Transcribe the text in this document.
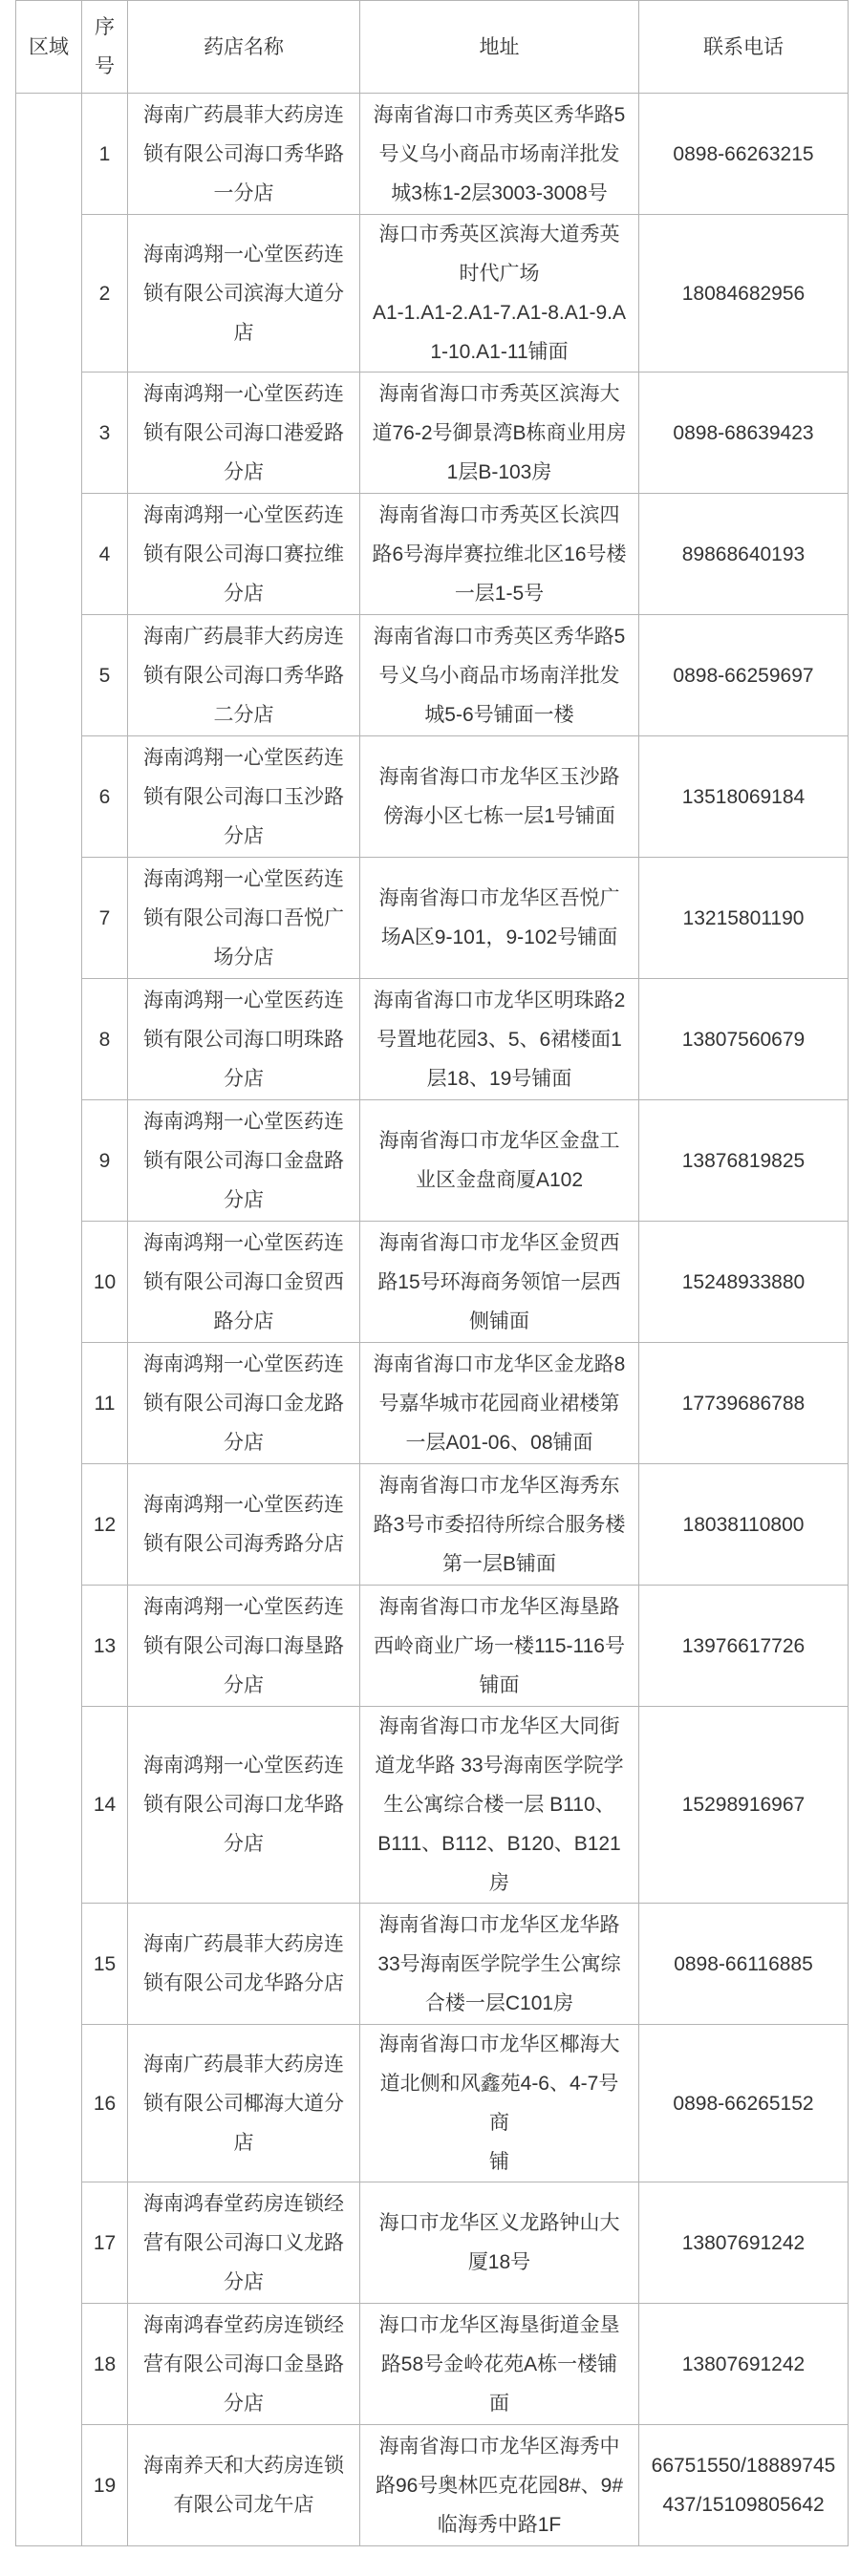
区域	序
号	药店名称	地址	联系电话
	1	海南广药晨菲大药房连
锁有限公司海口秀华路
一分店	海南省海口市秀英区秀华路5
号义乌小商品市场南洋批发
城3栋1-2层3003-3008号	0898-66263215
	2	海南鸿翔一心堂医药连
锁有限公司滨海大道分
店	海口市秀英区滨海大道秀英
时代广场
A1-1.A1-2.A1-7.A1-8.A1-9.A
1-10.A1-11铺面	18084682956
	3	海南鸿翔一心堂医药连
锁有限公司海口港爱路
分店	海南省海口市秀英区滨海大
道76-2号御景湾B栋商业用房
1层B-103房	0898-68639423
	4	海南鸿翔一心堂医药连
锁有限公司海口赛拉维
分店	海南省海口市秀英区长滨四
路6号海岸赛拉维北区16号楼
一层1-5号	89868640193
	5	海南广药晨菲大药房连
锁有限公司海口秀华路
二分店	海南省海口市秀英区秀华路5
号义乌小商品市场南洋批发
城5-6号铺面一楼	0898-66259697
	6	海南鸿翔一心堂医药连
锁有限公司海口玉沙路
分店	海南省海口市龙华区玉沙路
傍海小区七栋一层1号铺面	13518069184
	7	海南鸿翔一心堂医药连
锁有限公司海口吾悦广
场分店	海南省海口市龙华区吾悦广
场A区9-101，9-102号铺面	13215801190
	8	海南鸿翔一心堂医药连
锁有限公司海口明珠路
分店	海南省海口市龙华区明珠路2
号置地花园3、5、6裙楼面1
层18、19号铺面	13807560679
	9	海南鸿翔一心堂医药连
锁有限公司海口金盘路
分店	海南省海口市龙华区金盘工
业区金盘商厦A102	13876819825
	10	海南鸿翔一心堂医药连
锁有限公司海口金贸西
路分店	海南省海口市龙华区金贸西
路15号环海商务领馆一层西
侧铺面	15248933880
	11	海南鸿翔一心堂医药连
锁有限公司海口金龙路
分店	海南省海口市龙华区金龙路8
号嘉华城市花园商业裙楼第
一层A01-06、08铺面	17739686788
	12	海南鸿翔一心堂医药连
锁有限公司海秀路分店	海南省海口市龙华区海秀东
路3号市委招待所综合服务楼
第一层B铺面	18038110800
	13	海南鸿翔一心堂医药连
锁有限公司海口海垦路
分店	海南省海口市龙华区海垦路
西岭商业广场一楼115-116号
铺面	13976617726
	14	海南鸿翔一心堂医药连
锁有限公司海口龙华路
分店	海南省海口市龙华区大同街
道龙华路 33号海南医学院学
生公寓综合楼一层 B110、
B111、B112、B120、B121
房	15298916967
	15	海南广药晨菲大药房连
锁有限公司龙华路分店	海南省海口市龙华区龙华路
33号海南医学院学生公寓综
合楼一层C101房	0898-66116885
	16	海南广药晨菲大药房连
锁有限公司椰海大道分
店	海南省海口市龙华区椰海大
道北侧和风鑫苑4-6、4-7号商
铺	0898-66265152
	17	海南鸿春堂药房连锁经
营有限公司海口义龙路
分店	海口市龙华区义龙路钟山大
厦18号	13807691242
	18	海南鸿春堂药房连锁经
营有限公司海口金垦路
分店	海口市龙华区海垦街道金垦
路58号金岭花苑A栋一楼铺面	13807691242
	19	海南养天和大药房连锁
有限公司龙午店	海南省海口市龙华区海秀中
路96号奥林匹克花园8#、9#
临海秀中路1F	66751550/18889745
437/15109805642
